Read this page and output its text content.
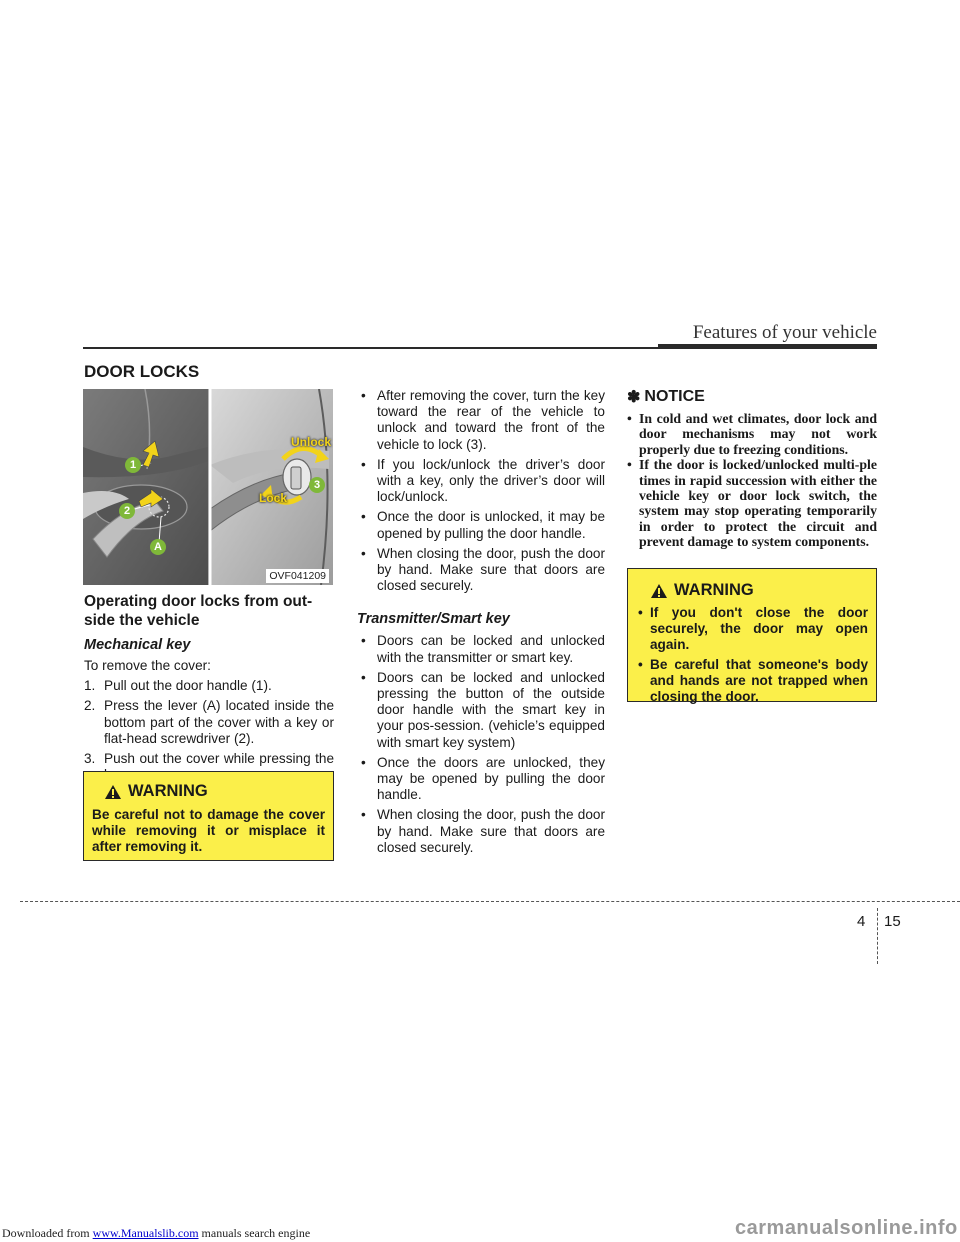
Features of your vehicle
DOOR LOCKS
1
2
A
3
Unlock
Lock
OVF041209
Operating door locks from out-side the vehicle
Mechanical key
To remove the cover:
1. Pull out the door handle (1).
2. Press the lever (A) located inside the bottom part of the cover with a key or flat-head screwdriver (2).
3. Push out the cover while pressing the
WARNING
Be careful not to damage the cover while removing it or misplace it after removing it.
• After removing the cover, turn the key toward the rear of the vehicle to unlock and toward the front of the vehicle to lock (3).
• If you lock/unlock the driver’s door with a key, only the driver’s door will lock/unlock.
• Once the door is unlocked, it may be opened by pulling the door handle.
• When closing the door, push the door by hand. Make sure that doors are closed securely.
Transmitter/Smart key
• Doors can be locked and unlocked with the transmitter or smart key.
• Doors can be locked and unlocked pressing the button of the outside door handle with the smart key in your pos-session. (vehicle’s equipped with smart key system)
• Once the doors are unlocked, they may be opened by pulling the door handle.
• When closing the door, push the door by hand. Make sure that doors are closed securely.
✽ NOTICE
• In cold and wet climates, door lock and door mechanisms may not work properly due to freezing conditions.
• If the door is locked/unlocked multi-ple times in rapid succession with either the vehicle key or door lock switch, the system may stop operating temporarily in order to protect the circuit and prevent damage to system components.
WARNING
• If you don't close the door securely, the door may open again.
• Be careful that someone's body and hands are not trapped when closing the door.
4 15
Downloaded from www.Manualslib.com manuals search engine	carmanualsonline.info
